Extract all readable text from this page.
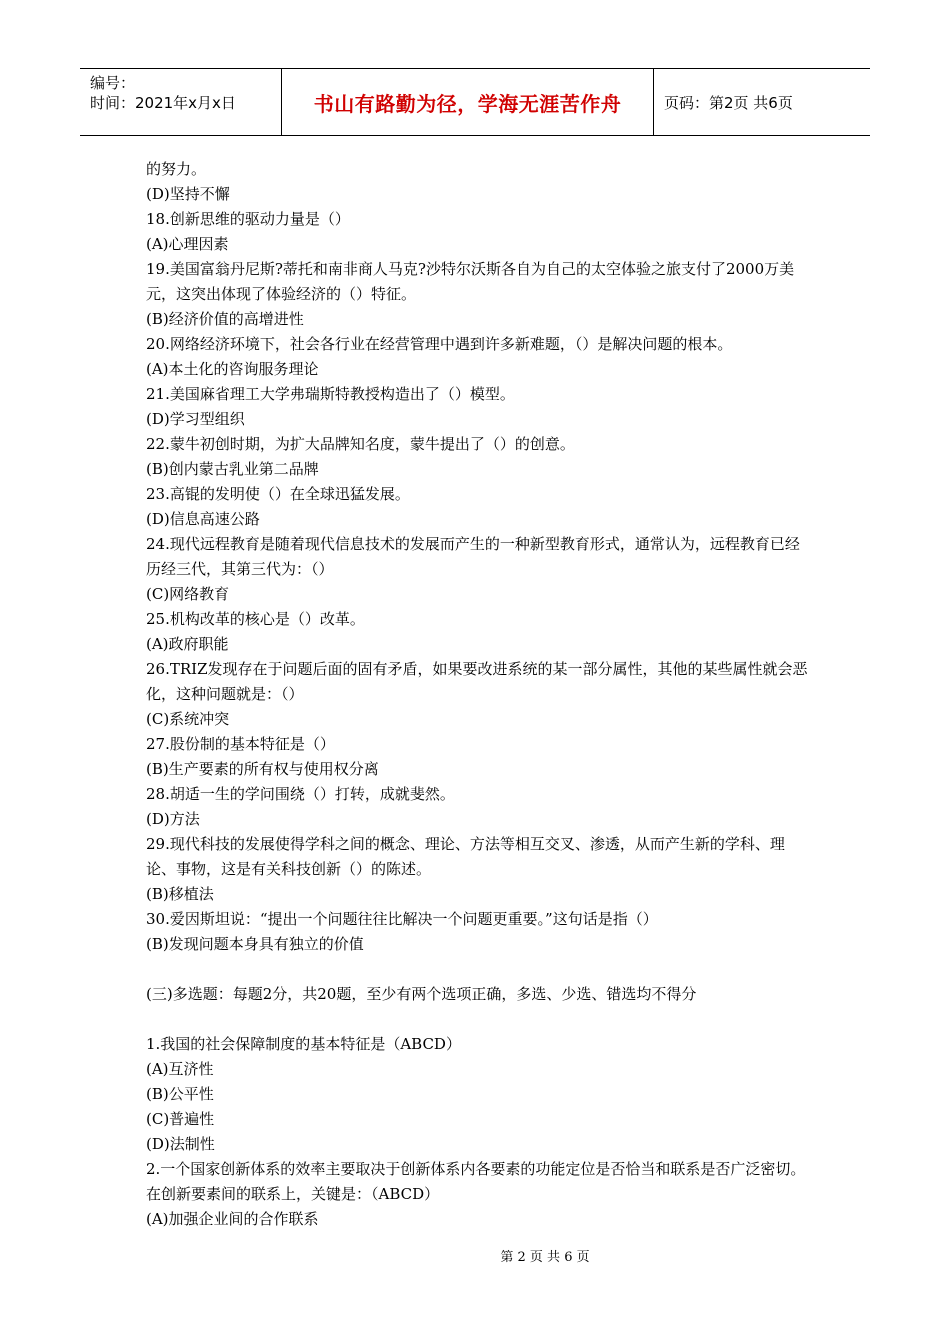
编号：
时间：2021年x月x日	书山有路勤为径，学海无涯苦作舟	页码：第2页 共6页
的努力。
(D)坚持不懈
18.创新思维的驱动力量是（）
(A)心理因素
19.美国富翁丹尼斯?蒂托和南非商人马克?沙特尔沃斯各自为自己的太空体验之旅支付了2000万美元，这突出体现了体验经济的（）特征。
(B)经济价值的高增进性
20.网络经济环境下，社会各行业在经营管理中遇到许多新难题，（）是解决问题的根本。
(A)本土化的咨询服务理论
21.美国麻省理工大学弗瑞斯特教授构造出了（）模型。
(D)学习型组织
22.蒙牛初创时期，为扩大品牌知名度，蒙牛提出了（）的创意。
(B)创内蒙古乳业第二品牌
23.高锟的发明使（）在全球迅猛发展。
(D)信息高速公路
24.现代远程教育是随着现代信息技术的发展而产生的一种新型教育形式，通常认为，远程教育已经历经三代，其第三代为：（）
(C)网络教育
25.机构改革的核心是（）改革。
(A)政府职能
26.TRIZ发现存在于问题后面的固有矛盾，如果要改进系统的某一部分属性，其他的某些属性就会恶化，这种问题就是：（）
(C)系统冲突
27.股份制的基本特征是（）
(B)生产要素的所有权与使用权分离
28.胡适一生的学问围绕（）打转，成就斐然。
(D)方法
29.现代科技的发展使得学科之间的概念、理论、方法等相互交叉、渗透，从而产生新的学科、理论、事物，这是有关科技创新（）的陈述。
(B)移植法
30.爱因斯坦说：“提出一个问题往往比解决一个问题更重要。”这句话是指（）
(B)发现问题本身具有独立的价值
(三)多选题：每题2分，共20题，至少有两个选项正确，多选、少选、错选均不得分
1.我国的社会保障制度的基本特征是（ABCD）
(A)互济性
(B)公平性
(C)普遍性
(D)法制性
2.一个国家创新体系的效率主要取决于创新体系内各要素的功能定位是否恰当和联系是否广泛密切。在创新要素间的联系上，关键是：（ABCD）
(A)加强企业间的合作联系
第 2 页 共 6 页
